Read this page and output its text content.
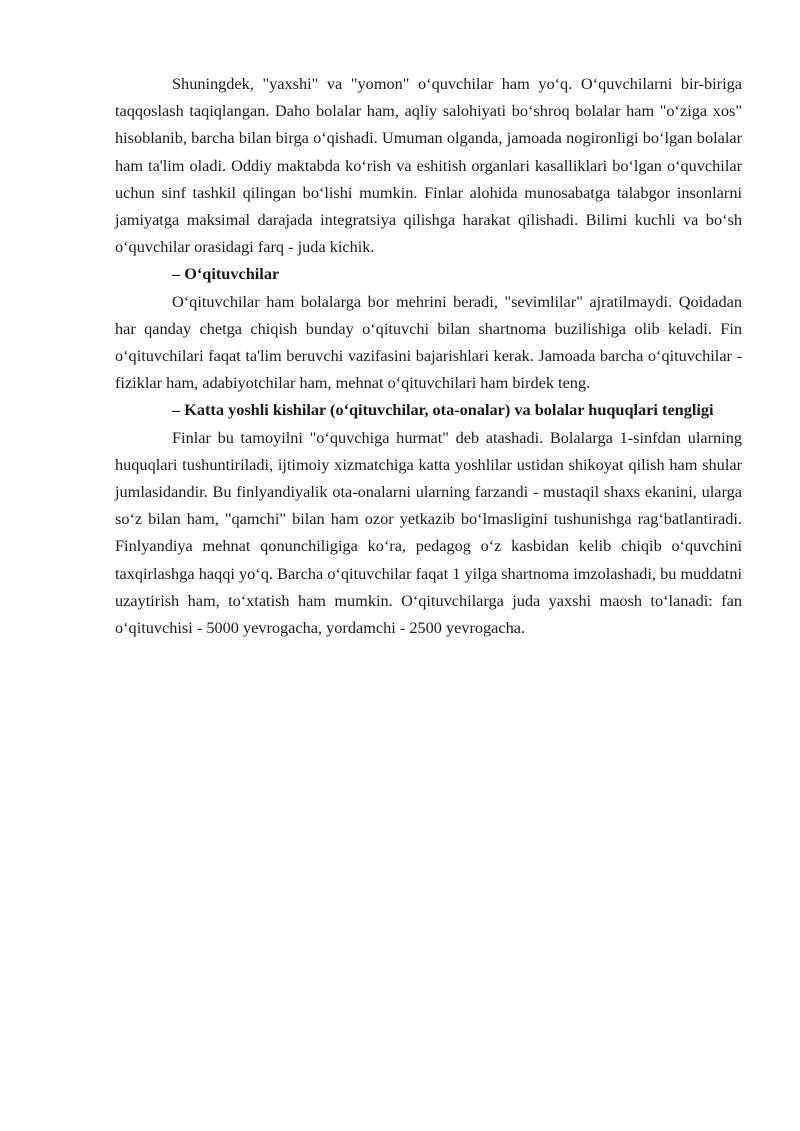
Shuningdek, "yaxshi" va "yomon" o‘quvchilar ham yo‘q. O‘quvchilarni bir-biriga taqqoslash taqiqlangan. Daho bolalar ham, aqliy salohiyati bo‘shroq bolalar ham "o‘ziga xos" hisoblanib, barcha bilan birga o‘qishadi. Umuman olganda, jamoada nogironligi bo‘lgan bolalar ham ta'lim oladi. Oddiy maktabda ko‘rish va eshitish organlari kasalliklari bo‘lgan o‘quvchilar uchun sinf tashkil qilingan bo‘lishi mumkin. Finlar alohida munosabatga talabgor insonlarni jamiyatga maksimal darajada integratsiya qilishga harakat qilishadi. Bilimi kuchli va bo‘sh o‘quvchilar orasidagi farq - juda kichik.

– O‘qituvchilar

O‘qituvchilar ham bolalarga bor mehrini beradi, "sevimlilar" ajratilmaydi. Qoidadan har qanday chetga chiqish bunday o‘qituvchi bilan shartnoma buzilishiga olib keladi. Fin o‘qituvchilari faqat ta'lim beruvchi vazifasini bajarishlari kerak. Jamoada barcha o‘qituvchilar - fiziklar ham, adabiyotchilar ham, mehnat o‘qituvchilari ham birdek teng.

– Katta yoshli kishilar (o‘qituvchilar, ota-onalar) va bolalar huquqlari tengligi

Finlar bu tamoyilni "o‘quvchiga hurmat" deb atashadi. Bolalarga 1-sinfdan ularning huquqlari tushuntiriladi, ijtimoiy xizmatchiga katta yoshlilar ustidan shikoyat qilish ham shular jumlasidandir. Bu finlyandiyalik ota-onalarni ularning farzandi - mustaqil shaxs ekanini, ularga so‘z bilan ham, "qamchi" bilan ham ozor yetkazib bo‘lmasligini tushunishga rag‘batlantiradi. Finlyandiya mehnat qonunchiligiga ko‘ra, pedagog o‘z kasbidan kelib chiqib o‘quvchini taxqirlashga haqqi yo‘q. Barcha o‘qituvchilar faqat 1 yilga shartnoma imzolashadi, bu muddatni uzaytirish ham, to‘xtatish ham mumkin. O‘qituvchilarga juda yaxshi maosh to‘lanadi: fan o‘qituvchisi - 5000 yevrogacha, yordamchi - 2500 yevrogacha.
